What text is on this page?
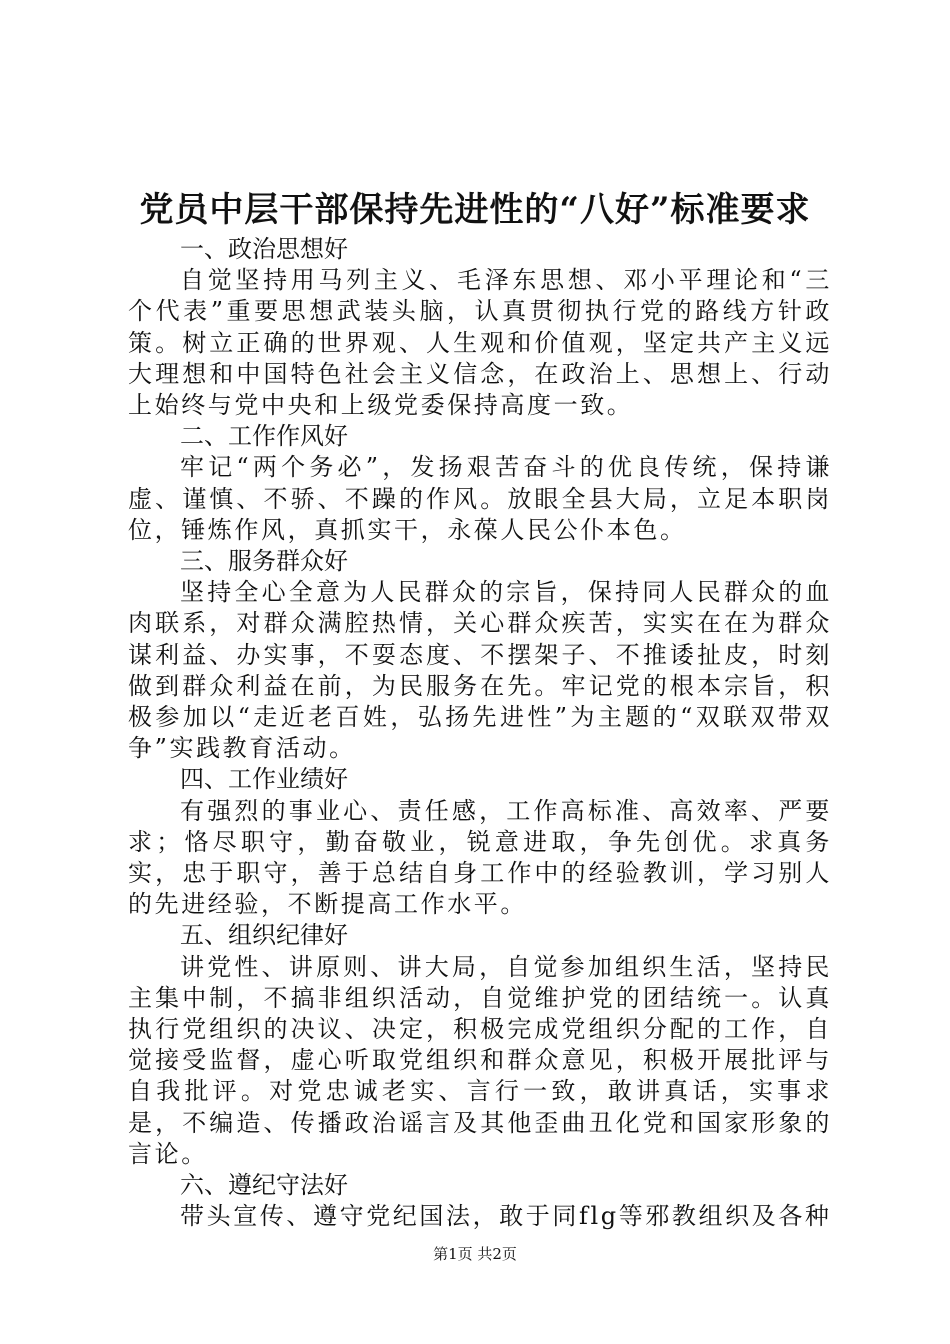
党员中层干部保持先进性的“八好”标准要求

一、政治思想好

自觉坚持用马列主义、毛泽东思想、邓小平理论和“三个代表”重要思想武装头脑，认真贯彻执行党的路线方针政策。树立正确的世界观、人生观和价值观，坚定共产主义远大理想和中国特色社会主义信念，在政治上、思想上、行动上始终与党中央和上级党委保持高度一致。

二、工作作风好

牢记“两个务必”，发扬艰苦奋斗的优良传统，保持谦虚、谨慎、不骄、不躁的作风。放眼全县大局，立足本职岗位，锤炼作风，真抓实干，永葆人民公仆本色。

三、服务群众好

坚持全心全意为人民群众的宗旨，保持同人民群众的血肉联系，对群众满腔热情，关心群众疾苦，实实在在为群众谋利益、办实事，不耍态度、不摆架子、不推诿扯皮，时刻做到群众利益在前，为民服务在先。牢记党的根本宗旨，积极参加以“走近老百姓，弘扬先进性”为主题的“双联双带双争”实践教育活动。

四、工作业绩好

有强烈的事业心、责任感，工作高标准、高效率、严要求；恪尽职守，勤奋敬业，锐意进取，争先创优。求真务实，忠于职守，善于总结自身工作中的经验教训，学习别人的先进经验，不断提高工作水平。

五、组织纪律好

讲党性、讲原则、讲大局，自觉参加组织生活，坚持民主集中制，不搞非组织活动，自觉维护党的团结统一。认真执行党组织的决议、决定，积极完成党组织分配的工作，自觉接受监督，虚心听取党组织和群众意见，积极开展批评与自我批评。对党忠诚老实、言行一致，敢讲真话，实事求是，不编造、传播政治谣言及其他歪曲丑化党和国家形象的言论。

六、遵纪守法好

带头宣传、遵守党纪国法，敢于同flg等邪教组织及各种

第1页 共2页
